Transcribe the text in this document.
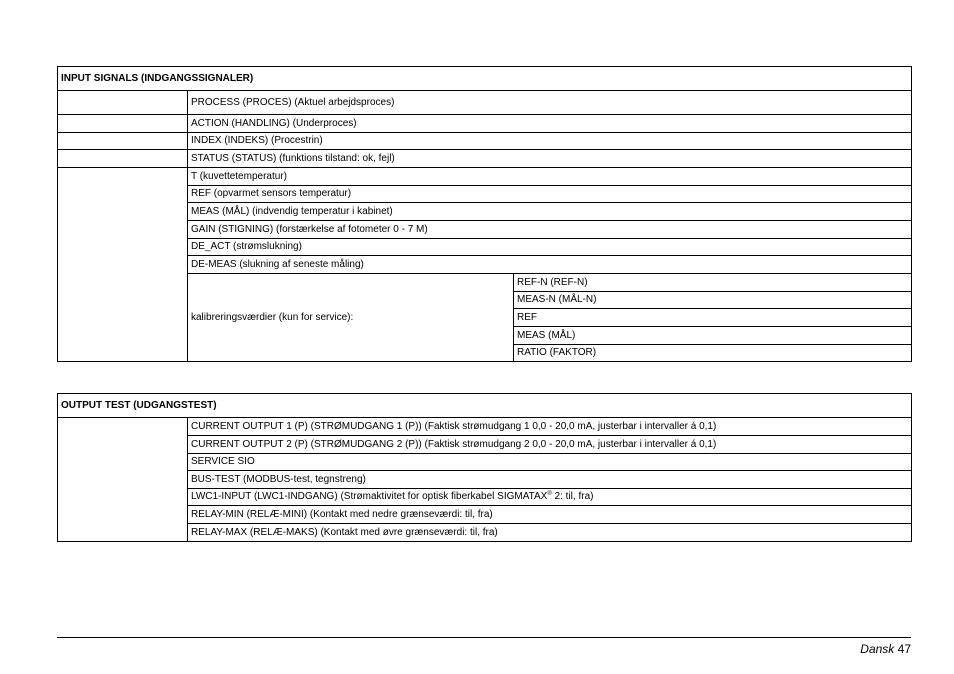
INPUT SIGNALS (INDGANGSSIGNALER)		
	PROCESS (PROCES) (Aktuel arbejdsproces)	
	ACTION (HANDLING) (Underproces)	
	INDEX (INDEKS) (Procestrin)	
	STATUS (STATUS) (funktions tilstand: ok, fejl)	
	T (kuvettetemperatur)	
	REF (opvarmet sensors temperatur)	
	MEAS (MÅL) (indvendig temperatur i kabinet)	
	GAIN (STIGNING) (forstærkelse af fotometer 0 - 7 M)	
	DE_ACT (strømslukning)	
	DE-MEAS (slukning af seneste måling)	
	kalibreringsværdier (kun for service):	REF-N (REF-N)
		MEAS-N (MÅL-N)
		REF
		MEAS (MÅL)
		RATIO (FAKTOR)
OUTPUT TEST (UDGANGSTEST)
	CURRENT OUTPUT 1 (P) (STRØMUDGANG 1 (P)) (Faktisk strømudgang 1 0,0 - 20,0 mA, justerbar i intervaller á 0,1)
CURRENT OUTPUT 2 (P) (STRØMUDGANG 2 (P)) (Faktisk strømudgang 2 0,0 - 20,0 mA, justerbar i intervaller á 0,1)
SERVICE SIO
BUS-TEST (MODBUS-test, tegnstreng)
LWC1-INPUT (LWC1-INDGANG) (Strømaktivitet for optisk fiberkabel SIGMATAX® 2: til, fra)
RELAY-MIN (RELÆ-MINI) (Kontakt med nedre grænseværdi: til, fra)
RELAY-MAX (RELÆ-MAKS) (Kontakt med øvre grænseværdi: til, fra)
Dansk 47
